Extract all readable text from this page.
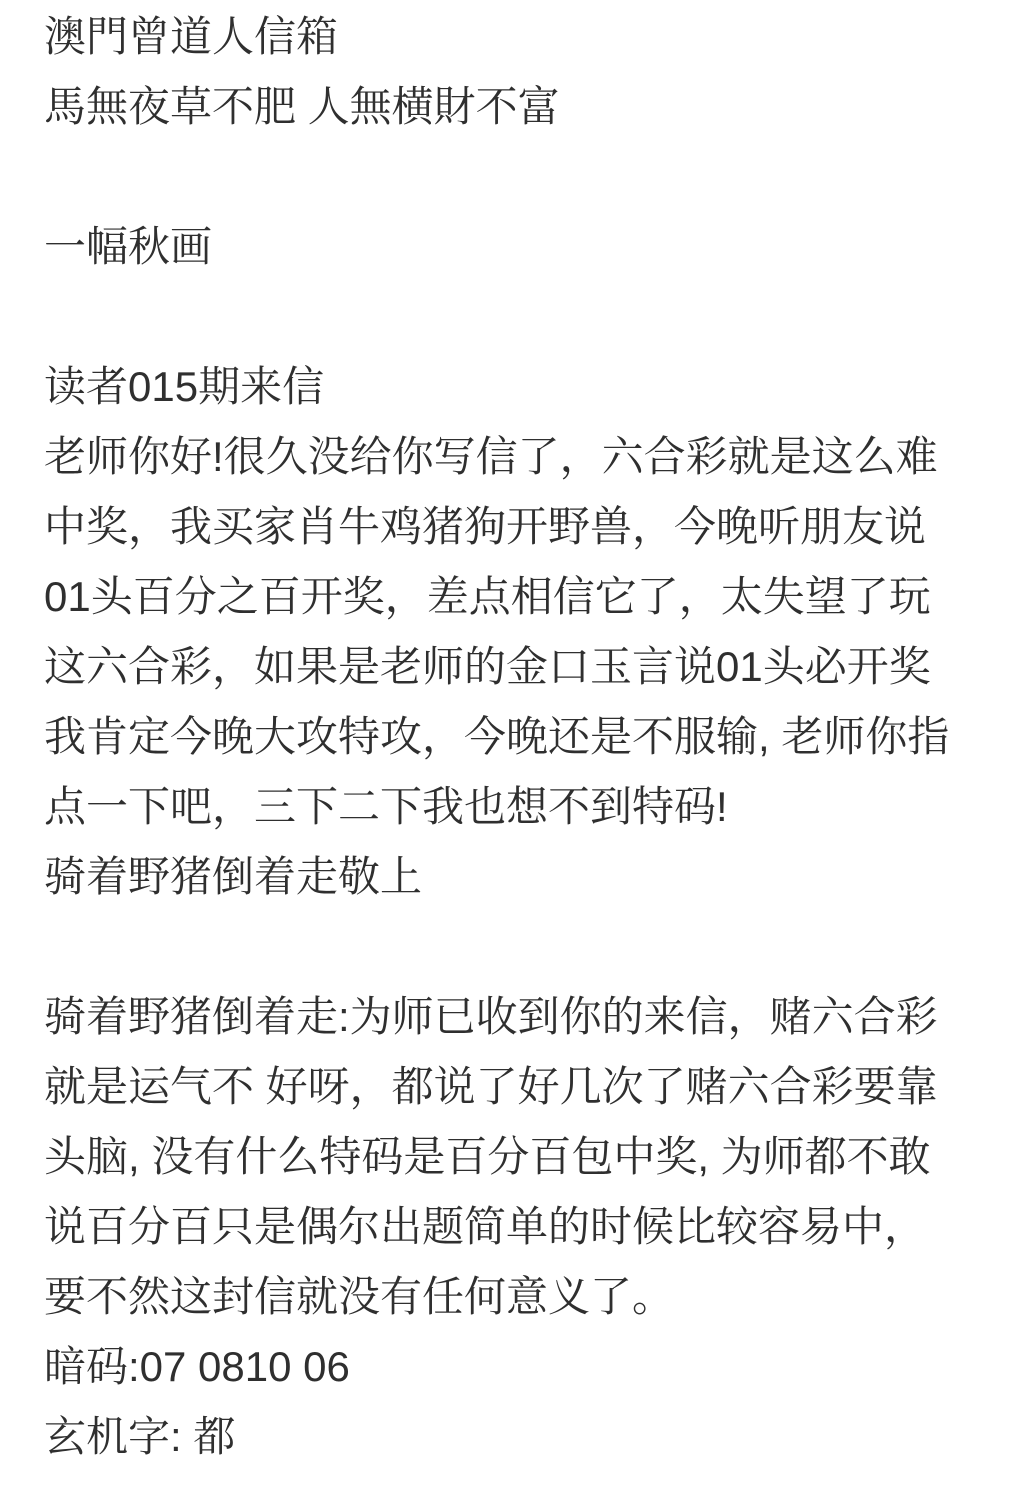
澳門曾道人信箱
馬無夜草不肥 人無横財不富
一幅秋画
读者015期来信
老师你好!很久没给你写信了，六合彩就是这么难
中奖，我买家肖牛鸡猪狗开野兽，今晚听朋友说
01头百分之百开奖，差点相信它了，太失望了玩
这六合彩，如果是老师的金口玉言说01头必开奖
我肯定今晚大攻特攻，今晚还是不服输, 老师你指
点一下吧，三下二下我也想不到特码!
骑着野猪倒着走敬上
骑着野猪倒着走:为师已收到你的来信，赌六合彩
就是运气不 好呀，都说了好几次了赌六合彩要靠
头脑, 没有什么特码是百分百包中奖, 为师都不敢
说百分百只是偶尔出题简单的时候比较容易中，
要不然这封信就没有任何意义了。
暗码:07 0810 06
玄机字: 都
